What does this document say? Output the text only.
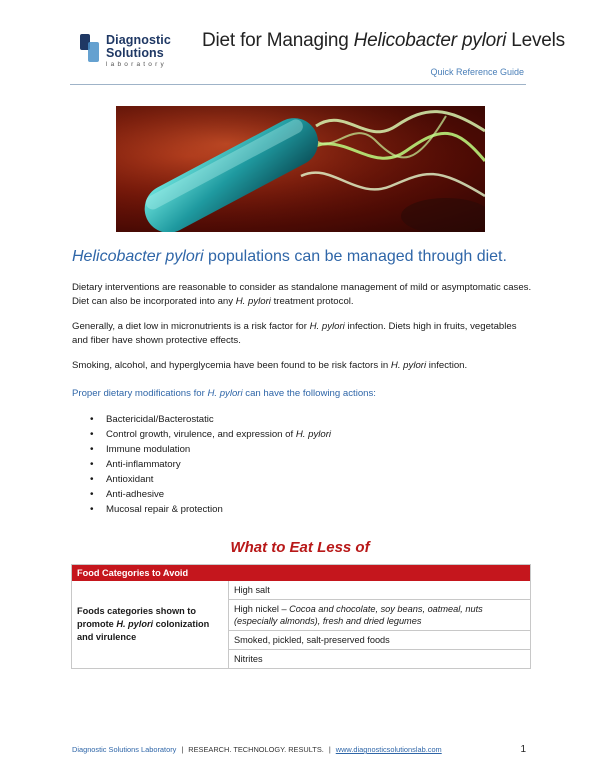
Diagnostic
Solutions
laboratory
Diet for Managing Helicobacter pylori Levels
Quick Reference Guide
Helicobacter pylori populations can be managed through diet.

Dietary interventions are reasonable to consider as standalone management of mild or asymptomatic cases. Diet can also be incorporated into any H. pylori treatment protocol.

Generally, a diet low in micronutrients is a risk factor for H. pylori infection. Diets high in fruits, vegetables and fiber have shown protective effects.

Smoking, alcohol, and hyperglycemia have been found to be risk factors in H. pylori infection.

Proper dietary modifications for H. pylori can have the following actions:

• Bactericidal/Bacterostatic
• Control growth, virulence, and expression of H. pylori
• Immune modulation
• Anti-inflammatory
• Antioxidant
• Anti-adhesive
• Mucosal repair & protection
What to Eat Less of
Food Categories to Avoid
Foods categories shown to promote H. pylori colonization and virulence
High salt
High nickel – Cocoa and chocolate, soy beans, oatmeal, nuts (especially almonds), fresh and dried legumes
Smoked, pickled, salt-preserved foods
Nitrites
Diagnostic Solutions Laboratory | RESEARCH. TECHNOLOGY. RESULTS. | www.diagnosticsolutionslab.com	1
